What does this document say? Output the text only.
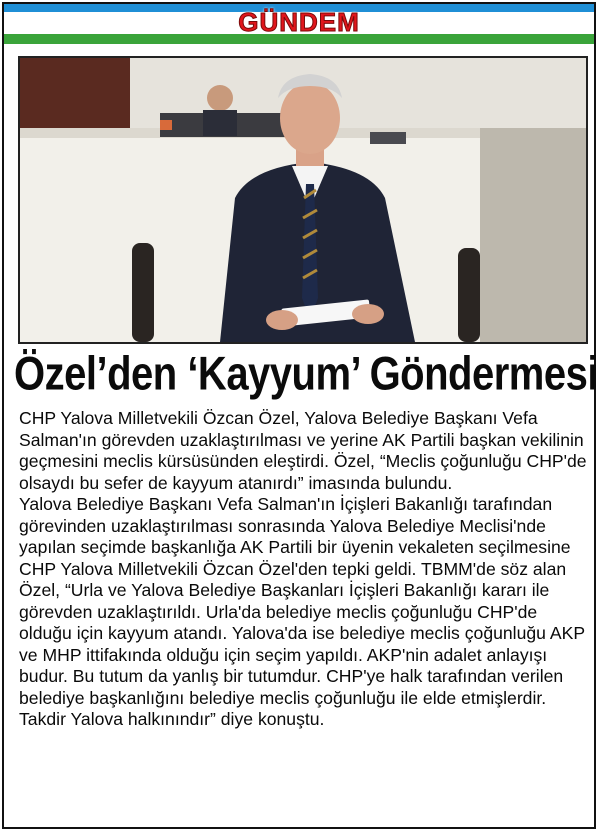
GÜNDEM
Özel’den ‘Kayyum’ Göndermesi

CHP Yalova Milletvekili Özcan Özel, Yalova Belediye Başkanı Vefa Salman'ın görevden uzaklaştırılması ve yerine AK Partili başkan vekilinin geçmesini meclis kürsüsünden eleştirdi. Özel, “Meclis çoğunluğu CHP'de olsaydı bu sefer de kayyum atanırdı” imasında bulundu.

Yalova Belediye Başkanı Vefa Salman'ın İçişleri Bakanlığı tarafından görevinden uzaklaştırılması sonrasında Yalova Belediye Meclisi'nde yapılan seçimde başkanlığa AK Partili bir üyenin vekaleten seçilmesine CHP Yalova Milletvekili Özcan Özel'den tepki geldi. TBMM'de söz alan Özel, “Urla ve Yalova Belediye Başkanları İçişleri Bakanlığı kararı ile görevden uzaklaştırıldı. Urla'da belediye meclis çoğunluğu CHP'de olduğu için kayyum atandı. Yalova'da ise belediye meclis çoğunluğu AKP ve MHP ittifakında olduğu için seçim yapıldı. AKP'nin adalet anlayışı budur. Bu tutum da yanlış bir tutumdur. CHP'ye halk tarafından verilen belediye başkanlığını belediye meclis çoğunluğu ile elde etmişlerdir. Takdir Yalova halkınındır” diye konuştu.
